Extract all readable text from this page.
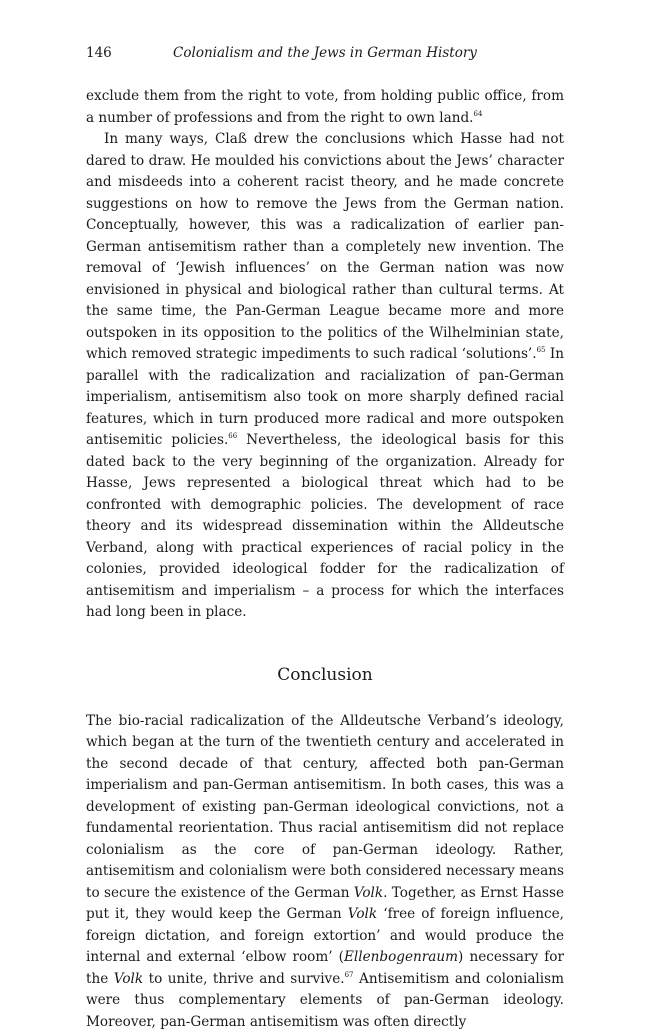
146	Colonialism and the Jews in German History

exclude them from the right to vote, from holding public office, from a number of professions and from the right to own land.$^{64}$

In many ways, Claß drew the conclusions which Hasse had not dared to draw. He moulded his convictions about the Jews’ character and misdeeds into a coherent racist theory, and he made concrete suggestions on how to remove the Jews from the German nation. Conceptually, however, this was a radicalization of earlier pan-German antisemitism rather than a completely new invention. The removal of ‘Jewish influences’ on the German nation was now envisioned in physical and biological rather than cultural terms. At the same time, the Pan-German League became more and more outspoken in its opposition to the politics of the Wilhelminian state, which removed strategic impediments to such radical ‘solutions’.$^{65}$ In parallel with the radicalization and racialization of pan-German imperialism, antisemitism also took on more sharply defined racial features, which in turn produced more radical and more outspoken antisemitic policies.$^{66}$ Nevertheless, the ideological basis for this dated back to the very beginning of the organization. Already for Hasse, Jews represented a biological threat which had to be confronted with demographic policies. The development of race theory and its widespread dissemination within the Alldeutsche Verband, along with practical experiences of racial policy in the colonies, provided ideological fodder for the radicalization of antisemitism and imperialism – a process for which the interfaces had long been in place.

Conclusion

The bio-racial radicalization of the Alldeutsche Verband’s ideology, which began at the turn of the twentieth century and accelerated in the second decade of that century, affected both pan-German imperialism and pan-German antisemitism. In both cases, this was a development of existing pan-German ideological convictions, not a fundamental reorientation. Thus racial antisemitism did not replace colonialism as the core of pan-German ideology. Rather, antisemitism and colonialism were both considered necessary means to secure the existence of the German Volk. Together, as Ernst Hasse put it, they would keep the German Volk ‘free of foreign influence, foreign dictation, and foreign extortion’ and would produce the internal and external ‘elbow room’ (Ellenbogenraum) necessary for the Volk to unite, thrive and survive.$^{67}$ Antisemitism and colonialism were thus complementary elements of pan-German ideology. Moreover, pan-German antisemitism was often directly
